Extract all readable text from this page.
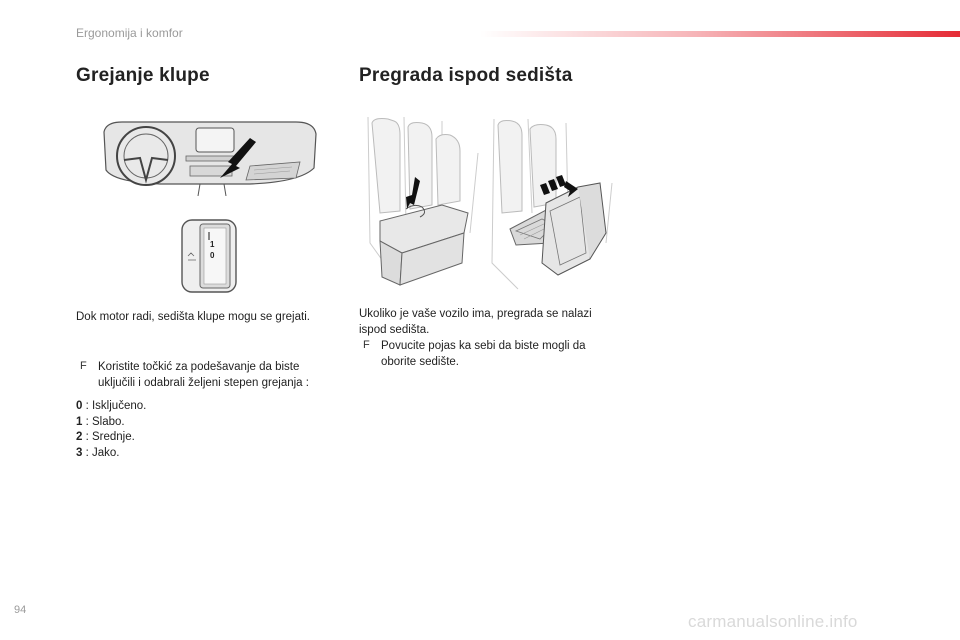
Ergonomija i komfor
Grejanje klupe	Pregrada ispod sedišta
1
0

Dok motor radi, sedišta klupe mogu se grejati.

F Koristite točkić za podešavanje da biste

uključili i odabrali željeni stepen grejanja :

0 : Isključeno.
1 : Slabo.
2 : Srednje.
3 : Jako.

Ukoliko je vaše vozilo ima, pregrada se nalazi

ispod sedišta.

F Povucite pojas ka sebi da biste mogli da

oborite sedište.

94
carmanualsonline.info
